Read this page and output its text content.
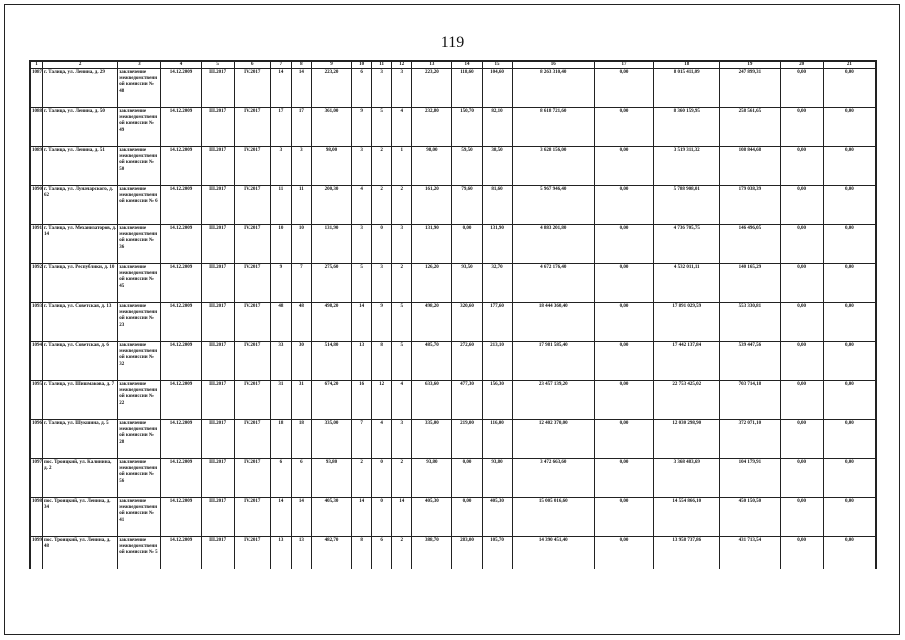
119
1	2	3	4	5	6	7	8	9	10	11	12	13	14	15	16	17	18	19	20	21
1087	г. Талица, ул. Ленина, д. 29	заключение межведомственной комиссии № 48	14.12.2009	III.2017	IV.2017	14	14	223,20	6	3	3	223,20	118,60	104,60	8 263 310,40	0,00	8 015 411,09	247 899,31	0,00	0,00
1088	г. Талица, ул. Ленина, д. 50	заключение межведомственной комиссии № 49	14.12.2009	III.2017	IV.2017	17	17	361,00	9	5	4	232,80	150,70	82,10	8 618 721,60	0,00	8 360 159,95	258 561,65	0,00	0,00
1089	г. Талица, ул. Ленина, д. 51	заключение межведомственной комиссии № 50	14.12.2009	III.2017	IV.2017	3	3	98,00	3	2	1	98,00	59,50	38,50	3 628 156,00	0,00	3 519 311,32	108 844,68	0,00	0,00
1090	г. Талица, ул. Луначарского, д. 62	заключение межведомственной комиссии № 6	14.12.2009	III.2017	IV.2017	11	11	200,30	4	2	2	161,20	79,60	81,60	5 967 946,40	0,00	5 788 908,01	179 038,39	0,00	0,00
1091	г. Талица, ул. Механизаторов, д. 14	заключение межведомственной комиссии № 36	14.12.2009	III.2017	IV.2017	10	10	131,90	3	0	3	131,90	0,00	131,90	4 883 201,80	0,00	4 736 705,75	146 496,05	0,00	0,00
1092	г. Талица, ул. Республики, д. 10	заключение межведомственной комиссии № 45	14.12.2009	III.2017	IV.2017	9	7	275,60	5	3	2	126,20	93,50	32,70	4 672 176,40	0,00	4 532 011,11	140 165,29	0,00	0,00
1093	г. Талица, ул. Советская, д. 13	заключение межведомственной комиссии № 23	14.12.2009	III.2017	IV.2017	48	48	498,20	14	9	5	498,20	320,60	177,60	18 444 360,40	0,00	17 891 029,59	553 330,81	0,00	0,00
1094	г. Талица, ул. Советская, д. 6	заключение межведомственной комиссии № 32	14.12.2009	III.2017	IV.2017	33	30	514,80	13	8	5	485,70	272,60	213,10	17 981 585,40	0,00	17 442 137,84	539 447,56	0,00	0,00
1095	г. Талица, ул. Шишмакова, д. 7	заключение межведомственной комиссии № 22	14.12.2009	III.2017	IV.2017	31	31	674,20	16	12	4	633,60	477,30	156,30	23 457 139,20	0,00	22 753 425,02	703 714,18	0,00	0,00
1096	г. Талица, ул. Шукшина, д. 5	заключение межведомственной комиссии № 28	14.12.2009	III.2017	IV.2017	18	18	335,00	7	4	3	335,00	219,00	116,00	12 402 370,00	0,00	12 030 298,90	372 071,10	0,00	0,00
1097	пос. Троицкий, ул. Калинина, д. 2	заключение межведомственной комиссии № 56	14.12.2009	III.2017	IV.2017	6	6	93,80	2	0	2	93,80	0,00	93,80	3 472 663,60	0,00	3 368 483,69	104 179,91	0,00	0,00
1098	пос. Троицкий, ул. Ленина, д. 34	заключение межведомственной комиссии № 41	14.12.2009	III.2017	IV.2017	14	14	405,30	14	0	14	405,30	0,00	405,30	15 005 016,60	0,00	14 554 866,10	450 150,50	0,00	0,00
1099	пос. Троицкий, ул. Ленина, д. 48	заключение межведомственной комиссии № 5	14.12.2009	III.2017	IV.2017	13	13	482,70	8	6	2	388,70	283,00	105,70	14 390 451,40	0,00	13 958 737,86	431 713,54	0,00	0,00
